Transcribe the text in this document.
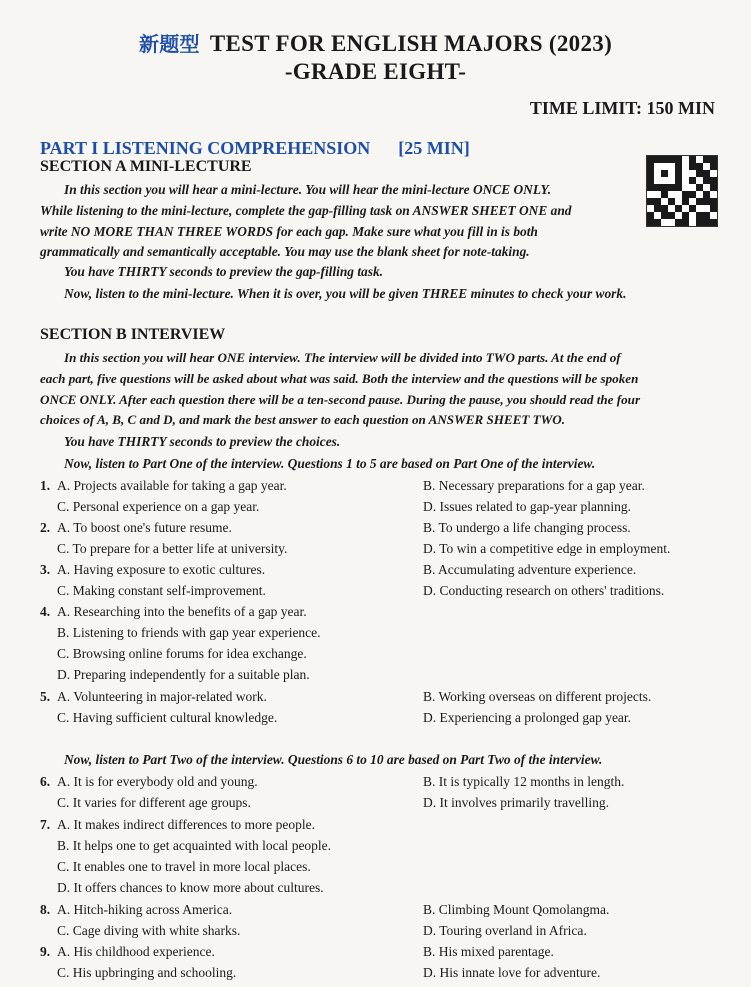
新题型 TEST FOR ENGLISH MAJORS (2023)
-GRADE EIGHT-
TIME LIMIT: 150 MIN
PART I LISTENING COMPREHENSION [25 MIN]
SECTION A MINI-LECTURE
In this section you will hear a mini-lecture. You will hear the mini-lecture ONCE ONLY.
While listening to the mini-lecture, complete the gap-filling task on ANSWER SHEET ONE and
write NO MORE THAN THREE WORDS for each gap. Make sure what you fill in is both
grammatically and semantically acceptable. You may use the blank sheet for note-taking.
You have THIRTY seconds to preview the gap-filling task.
Now, listen to the mini-lecture. When it is over, you will be given THREE minutes to check your work.
SECTION B INTERVIEW
In this section you will hear ONE interview. The interview will be divided into TWO parts. At the end of
each part, five questions will be asked about what was said. Both the interview and the questions will be spoken
ONCE ONLY. After each question there will be a ten-second pause. During the pause, you should read the four
choices of A, B, C and D, and mark the best answer to each question on ANSWER SHEET TWO.
You have THIRTY seconds to preview the choices.
Now, listen to Part One of the interview. Questions 1 to 5 are based on Part One of the interview.
1. A. Projects available for taking a gap year.	B. Necessary preparations for a gap year.
C. Personal experience on a gap year.	D. Issues related to gap-year planning.
2. A. To boost one's future resume.	B. To undergo a life changing process.
C. To prepare for a better life at university.	D. To win a competitive edge in employment.
3. A. Having exposure to exotic cultures.	B. Accumulating adventure experience.
C. Making constant self-improvement.	D. Conducting research on others' traditions.
4. A. Researching into the benefits of a gap year.
B. Listening to friends with gap year experience.
C. Browsing online forums for idea exchange.
D. Preparing independently for a suitable plan.
5. A. Volunteering in major-related work.	B. Working overseas on different projects.
C. Having sufficient cultural knowledge.	D. Experiencing a prolonged gap year.
Now, listen to Part Two of the interview. Questions 6 to 10 are based on Part Two of the interview.
6. A. It is for everybody old and young.	B. It is typically 12 months in length.
C. It varies for different age groups.	D. It involves primarily travelling.
7. A. It makes indirect differences to more people.
B. It helps one to get acquainted with local people.
C. It enables one to travel in more local places.
D. It offers chances to know more about cultures.
8. A. Hitch-hiking across America.	B. Climbing Mount Qomolangma.
C. Cage diving with white sharks.	D. Touring overland in Africa.
9. A. His childhood experience.	B. His mixed parentage.
C. His upbringing and schooling.	D. His innate love for adventure.
